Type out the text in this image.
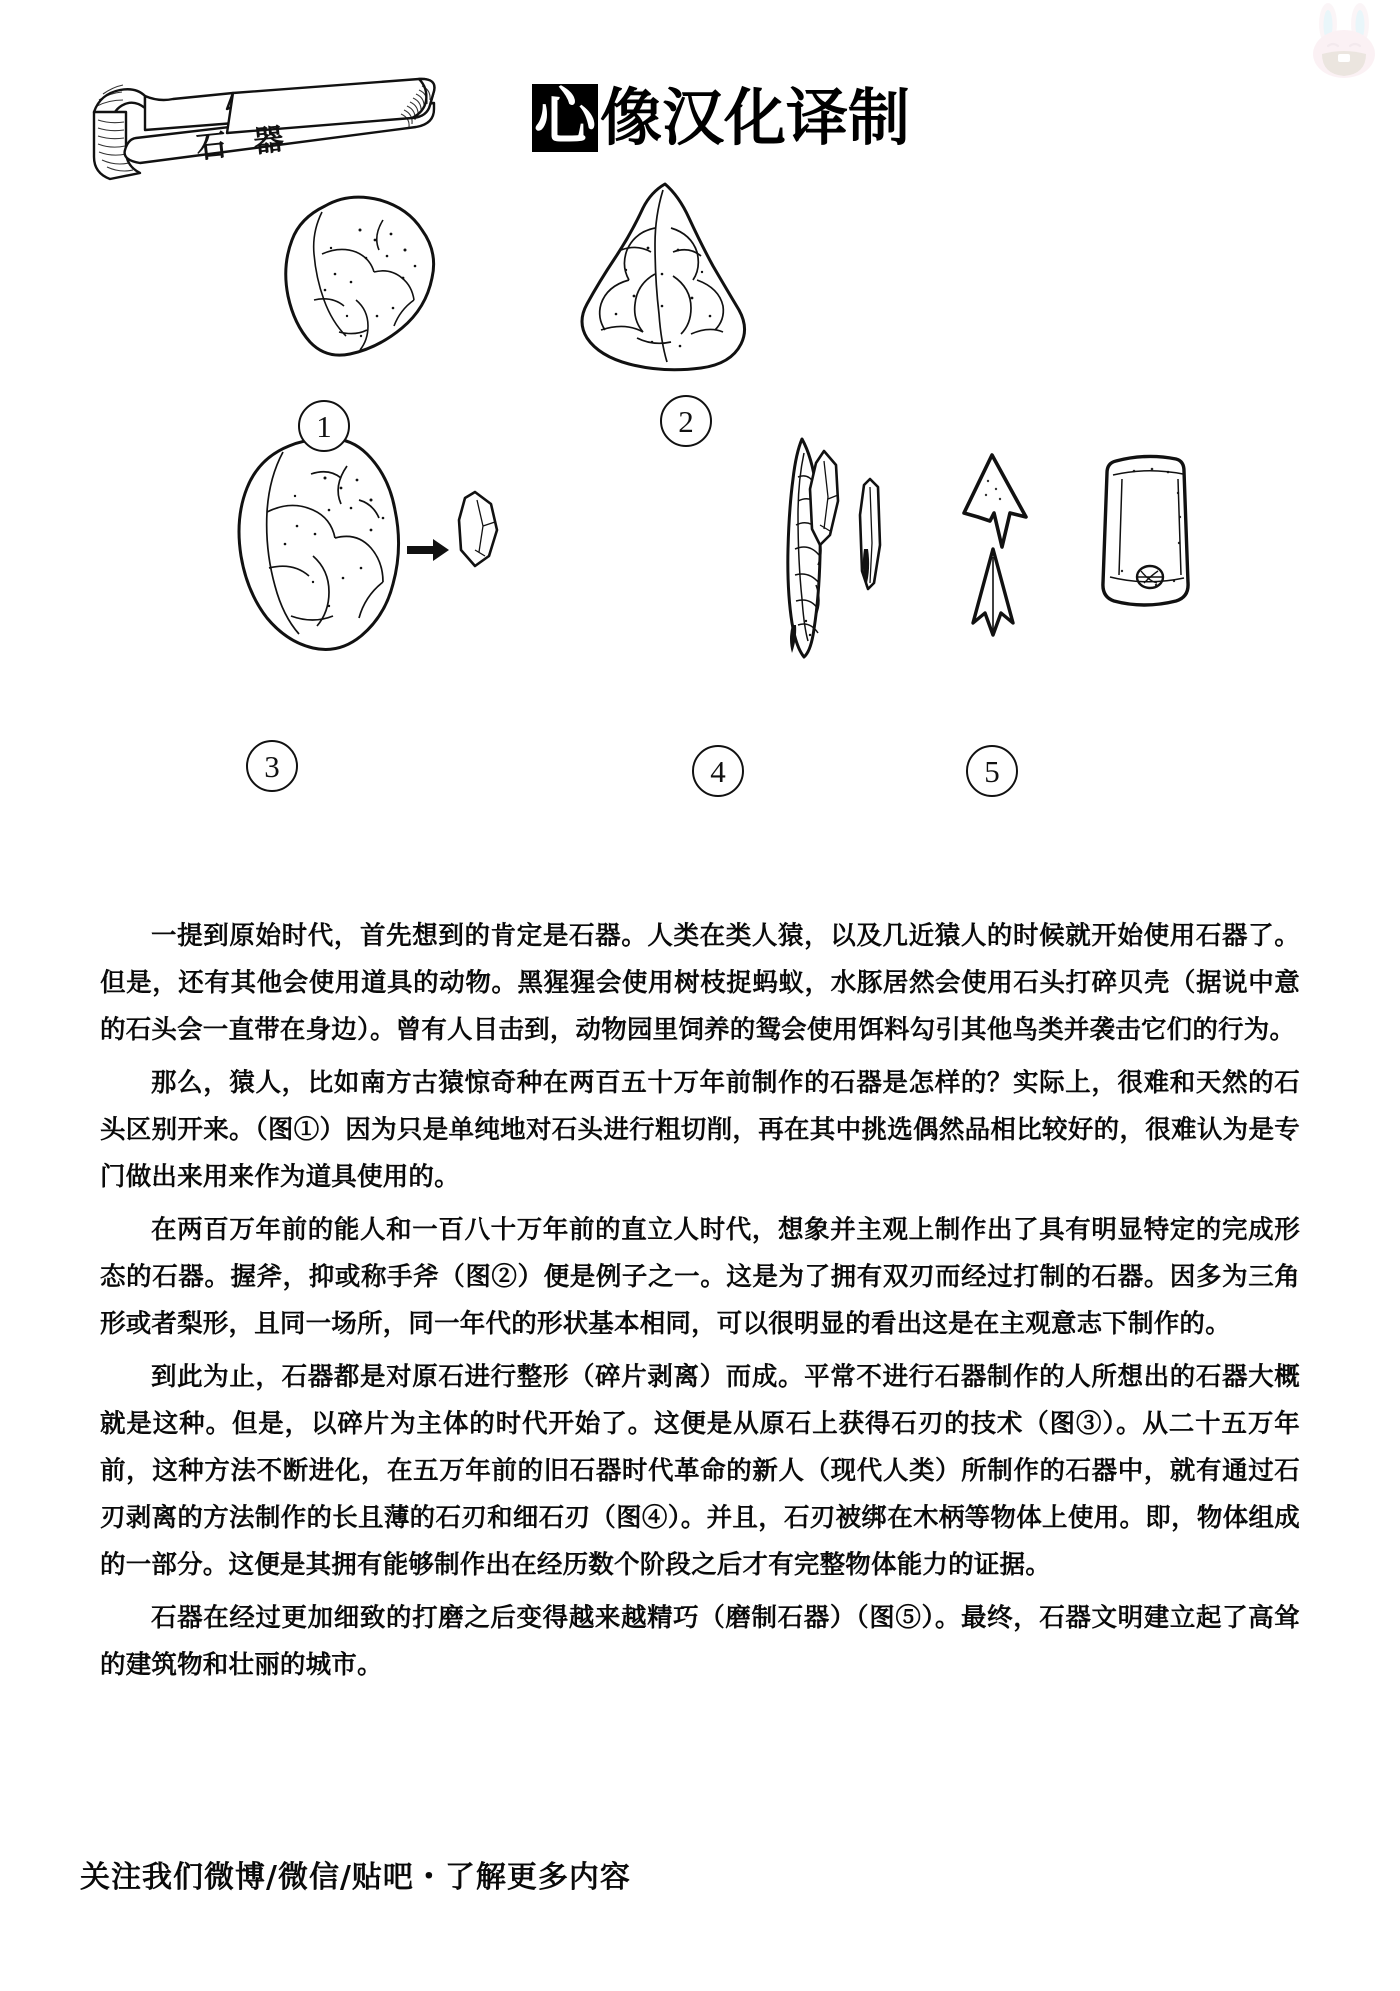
石 器	心 像汉化译制
1	2
3	4	5

一提到原始时代，首先想到的肯定是石器。人类在类人猿，以及几近猿人的时候就开始使用石器了。但是，还有其他会使用道具的动物。黑猩猩会使用树枝捉蚂蚁，水豚居然会使用石头打碎贝壳（据说中意的石头会一直带在身边）。曾有人目击到，动物园里饲养的鸳会使用饵料勾引其他鸟类并袭击它们的行为。

那么，猿人，比如南方古猿惊奇种在两百五十万年前制作的石器是怎样的？实际上，很难和天然的石头区别开来。（图①）因为只是单纯地对石头进行粗切削，再在其中挑选偶然品相比较好的，很难认为是专门做出来用来作为道具使用的。

在两百万年前的能人和一百八十万年前的直立人时代，想象并主观上制作出了具有明显特定的完成形态的石器。握斧，抑或称手斧（图②）便是例子之一。这是为了拥有双刃而经过打制的石器。因多为三角形或者梨形，且同一场所，同一年代的形状基本相同，可以很明显的看出这是在主观意志下制作的。

到此为止，石器都是对原石进行整形（碎片剥离）而成。平常不进行石器制作的人所想出的石器大概就是这种。但是，以碎片为主体的时代开始了。这便是从原石上获得石刃的技术（图③）。从二十五万年前，这种方法不断进化，在五万年前的旧石器时代革命的新人（现代人类）所制作的石器中，就有通过石刃剥离的方法制作的长且薄的石刃和细石刃（图④）。并且，石刃被绑在木柄等物体上使用。即，物体组成的一部分。这便是其拥有能够制作出在经历数个阶段之后才有完整物体能力的证据。

石器在经过更加细致的打磨之后变得越来越精巧（磨制石器）（图⑤）。最终，石器文明建立起了高耸的建筑物和壮丽的城市。

关注我们微博/微信/贴吧・了解更多内容
